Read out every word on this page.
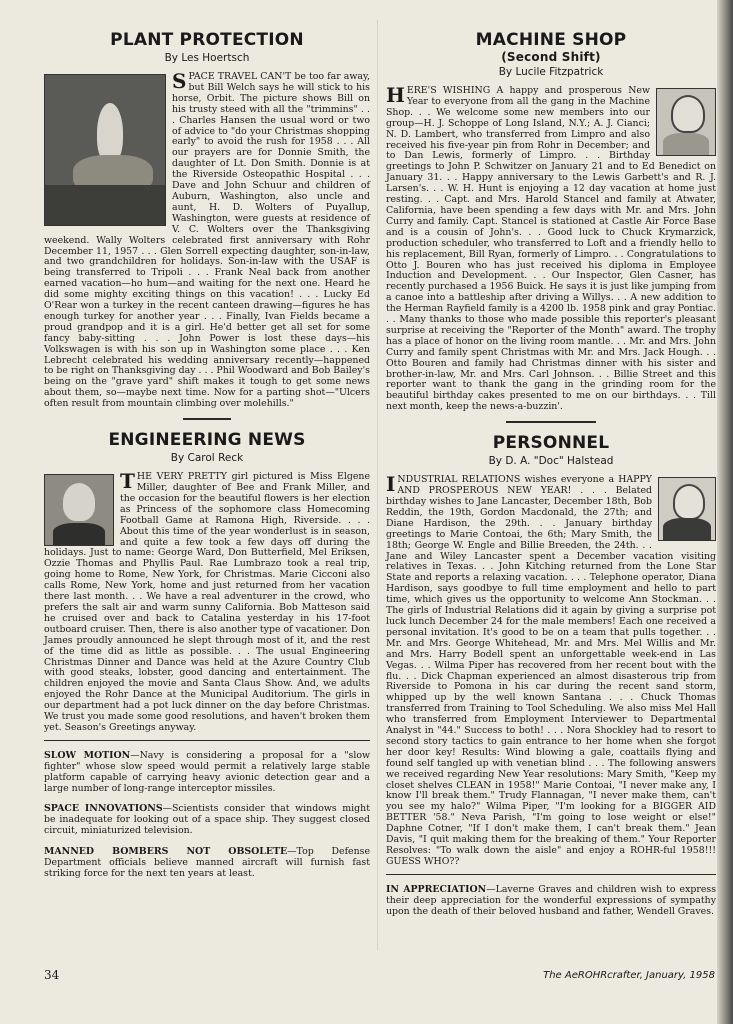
PLANT PROTECTION
By Les Hoertsch

SPACE TRAVEL CAN'T be too far away, but Bill Welch says he will stick to his horse, Orbit. The picture shows Bill on his trusty steed with all the "trimmins" . . . Charles Hansen the usual word or two of advice to "do your Christmas shopping early" to avoid the rush for 1958 . . . All our prayers are for Donnie Smith, the daughter of Lt. Don Smith. Donnie is at the Riverside Osteopathic Hospital . . . Dave and John Schuur and children of Auburn, Washington, also uncle and aunt, H. D. Wolters of Puyallup, Washington, were guests at residence of V. C. Wolters over the Thanksgiving weekend. Wally Wolters celebrated first anniversary with Rohr December 11, 1957 . . . Glen Sorrell expecting daughter, son-in-law, and two grandchildren for holidays. Son-in-law with the USAF is being transferred to Tripoli . . . Frank Neal back from another earned vacation—ho hum—and waiting for the next one. Heard he did some mighty exciting things on this vacation! . . . Lucky Ed O'Rear won a turkey in the recent canteen drawing—figures he has enough turkey for another year . . . Finally, Ivan Fields became a proud grandpop and it is a girl. He'd better get all set for some fancy baby-sitting . . . John Power is lost these days—his Volkswagen is with his son up in Washington some place . . . Ken Lebrecht celebrated his wedding anniversary recently—happened to be right on Thanksgiving day . . . Phil Woodward and Bob Bailey's being on the "grave yard" shift makes it tough to get some news about them, so—maybe next time. Now for a parting shot—"Ulcers often result from mountain climbing over molehills."

ENGINEERING NEWS
By Carol Reck

THE VERY PRETTY girl pictured is Miss Elgene Miller, daughter of Bee and Frank Miller, and the occasion for the beautiful flowers is her election as Princess of the sophomore class Homecoming Football Game at Ramona High, Riverside. . . . About this time of the year wonderlust is in season, and quite a few took a few days off during the holidays. Just to name: George Ward, Don Butterfield, Mel Eriksen, Ozzie Thomas and Phyllis Paul. Rae Lumbrazo took a real trip, going home to Rome, New York, for Christmas. Marie Cicconi also calls Rome, New York, home and just returned from her vacation there last month. . . We have a real adventurer in the crowd, who prefers the salt air and warm sunny California. Bob Matteson said he cruised over and back to Catalina yesterday in his 17-foot outboard cruiser. Then, there is also another type of vacationer. Don James proudly announced he slept through most of it, and the rest of the time did as little as possible. . . The usual Engineering Christmas Dinner and Dance was held at the Azure Country Club with good steaks, lobster, good dancing and entertainment. The children enjoyed the movie and Santa Claus Show. And, we adults enjoyed the Rohr Dance at the Municipal Auditorium. The girls in our department had a pot luck dinner on the day before Christmas. We trust you made some good resolutions, and haven't broken them yet. Season's Greetings anyway.

SLOW MOTION—Navy is considering a proposal for a "slow fighter" whose slow speed would permit a relatively large stable platform capable of carrying heavy avionic detection gear and a large number of long-range interceptor missiles.

SPACE INNOVATIONS—Scientists consider that windows might be inadequate for looking out of a space ship. They suggest closed circuit, miniaturized television.

MANNED BOMBERS NOT OBSOLETE—Top Defense Department officials believe manned aircraft will furnish fast striking force for the next ten years at least.

MACHINE SHOP
(Second Shift)
By Lucile Fitzpatrick

HERE'S WISHING A happy and prosperous New Year to everyone from all the gang in the Machine Shop. . . We welcome some new members into our group—H. J. Schoppe of Long Island, N.Y.; A. J. Cianci; N. D. Lambert, who transferred from Limpro and also received his five-year pin from Rohr in December; and to Dan Lewis, formerly of Limpro. . . Birthday greetings to John P. Schwitzer on January 21 and to Ed Benedict on January 31. . . Happy anniversary to the Lewis Garbett's and R. J. Larsen's. . . W. H. Hunt is enjoying a 12 day vacation at home just resting. . . Capt. and Mrs. Harold Stancel and family at Atwater, California, have been spending a few days with Mr. and Mrs. John Curry and family. Capt. Stancel is stationed at Castle Air Force Base and is a cousin of John's. . . Good luck to Chuck Krymarzick, production scheduler, who transferred to Loft and a friendly hello to his replacement, Bill Ryan, formerly of Limpro. . . Congratulations to Otto J. Bouren who has just received his diploma in Employee Induction and Development. . . Our Inspector, Glen Casner, has recently purchased a 1956 Buick. He says it is just like jumping from a canoe into a battleship after driving a Willys. . . A new addition to the Herman Rayfield family is a 4200 lb. 1958 pink and gray Pontiac. . . Many thanks to those who made possible this reporter's pleasant surprise at receiving the "Reporter of the Month" award. The trophy has a place of honor on the living room mantle. . . Mr. and Mrs. John Curry and family spent Christmas with Mr. and Mrs. Jack Hough. . . Otto Bouren and family had Christmas dinner with his sister and brother-in-law, Mr. and Mrs. Carl Johnson. . . Billie Street and this reporter want to thank the gang in the grinding room for the beautiful birthday cakes presented to me on our birthdays. . . Till next month, keep the news-a-buzzin'.

PERSONNEL
By D. A. "Doc" Halstead

INDUSTRIAL RELATIONS wishes everyone a HAPPY AND PROSPEROUS NEW YEAR! . . . Belated birthday wishes to Jane Lancaster, December 18th, Bob Reddin, the 19th, Gordon Macdonald, the 27th; and Diane Hardison, the 29th. . . January birthday greetings to Marie Contoai, the 6th; Mary Smith, the 18th; George W. Engle and Billie Breeden, the 24th. . . Jane and Wiley Lancaster spent a December vacation visiting relatives in Texas. . . John Kitching returned from the Lone Star State and reports a relaxing vacation. . . . Telephone operator, Diana Hardison, says goodbye to full time employment and hello to part time, which gives us the opportunity to welcome Ann Stockman. . . The girls of Industrial Relations did it again by giving a surprise pot luck lunch December 24 for the male members! Each one received a personal invitation. It's good to be on a team that pulls together. . . Mr. and Mrs. George Whitehead, Mr. and Mrs. Mel Willis and Mr. and Mrs. Harry Bodell spent an unforgettable week-end in Las Vegas. . . Wilma Piper has recovered from her recent bout with the flu. . . Dick Chapman experienced an almost disasterous trip from Riverside to Pomona in his car during the recent sand storm, whipped up by the well known Santana . . . Chuck Thomas transferred from Training to Tool Scheduling. We also miss Mel Hall who transferred from Employment Interviewer to Departmental Analyst in "44." Success to both! . . . Nora Shockley had to resort to second story tactics to gain entrance to her home when she forgot her door key! Results: Wind blowing a gale, coattails flying and found self tangled up with venetian blind . . . The following answers we received regarding New Year resolutions: Mary Smith, "Keep my closet shelves CLEAN in 1958!" Marie Contoai, "I never make any, I know I'll break them." Trudy Flannagan, "I never make them, can't you see my halo?" Wilma Piper, "I'm looking for a BIGGER AID BETTER '58." Neva Parish, "I'm going to lose weight or else!" Daphne Cotner, "If I don't make them, I can't break them." Jean Davis, "I quit making them for the breaking of them." Your Reporter Resolves: "To walk down the aisle" and enjoy a ROHR-ful 1958!!! GUESS WHO??

IN APPRECIATION—Laverne Graves and children wish to express their deep appreciation for the wonderful expressions of sympathy upon the death of their beloved husband and father, Wendell Graves.

34	The AeROHRcrafter, January, 1958
